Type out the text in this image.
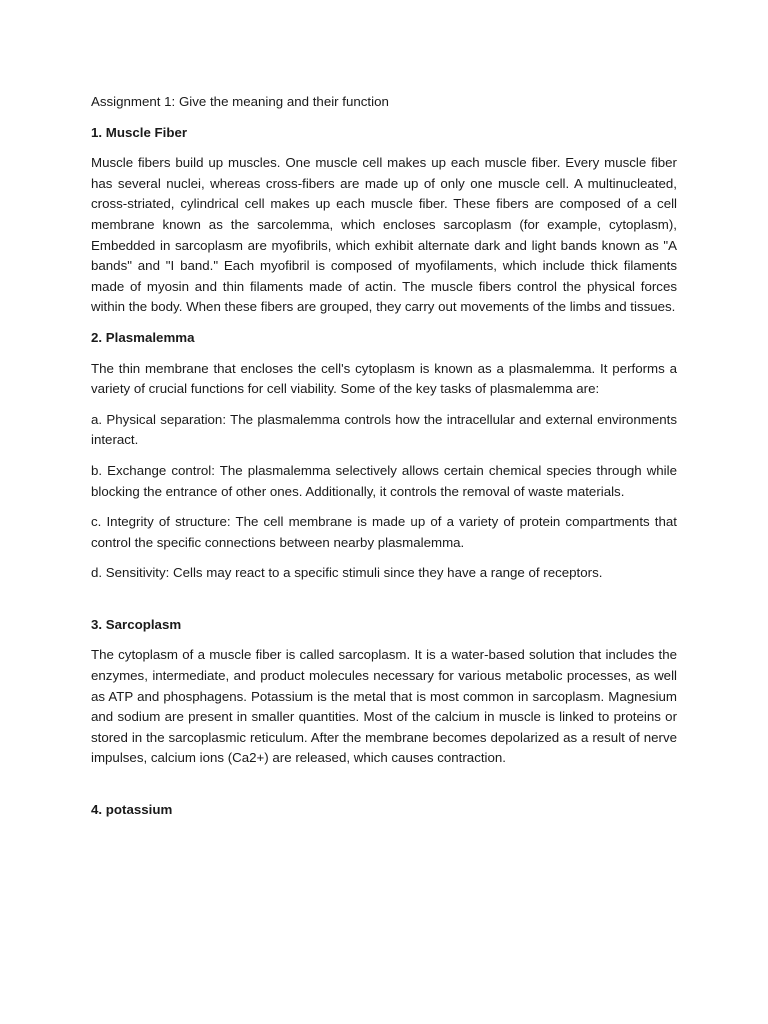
Assignment 1: Give the meaning and their function

1. Muscle Fiber

Muscle fibers build up muscles. One muscle cell makes up each muscle fiber. Every muscle fiber has several nuclei, whereas cross-fibers are made up of only one muscle cell. A multinucleated, cross-striated, cylindrical cell makes up each muscle fiber. These fibers are composed of a cell membrane known as the sarcolemma, which encloses sarcoplasm (for example, cytoplasm), Embedded in sarcoplasm are myofibrils, which exhibit alternate dark and light bands known as "A bands" and "I band." Each myofibril is composed of myofilaments, which include thick filaments made of myosin and thin filaments made of actin. The muscle fibers control the physical forces within the body. When these fibers are grouped, they carry out movements of the limbs and tissues.

2. Plasmalemma

The thin membrane that encloses the cell's cytoplasm is known as a plasmalemma. It performs a variety of crucial functions for cell viability. Some of the key tasks of plasmalemma are:

a. Physical separation: The plasmalemma controls how the intracellular and external environments interact.

b. Exchange control: The plasmalemma selectively allows certain chemical species through while blocking the entrance of other ones. Additionally, it controls the removal of waste materials.

c. Integrity of structure: The cell membrane is made up of a variety of protein compartments that control the specific connections between nearby plasmalemma.

d. Sensitivity: Cells may react to a specific stimuli since they have a range of receptors.

3. Sarcoplasm

The cytoplasm of a muscle fiber is called sarcoplasm. It is a water-based solution that includes the enzymes, intermediate, and product molecules necessary for various metabolic processes, as well as ATP and phosphagens. Potassium is the metal that is most common in sarcoplasm. Magnesium and sodium are present in smaller quantities. Most of the calcium in muscle is linked to proteins or stored in the sarcoplasmic reticulum. After the membrane becomes depolarized as a result of nerve impulses, calcium ions (Ca2+) are released, which causes contraction.

4. potassium
